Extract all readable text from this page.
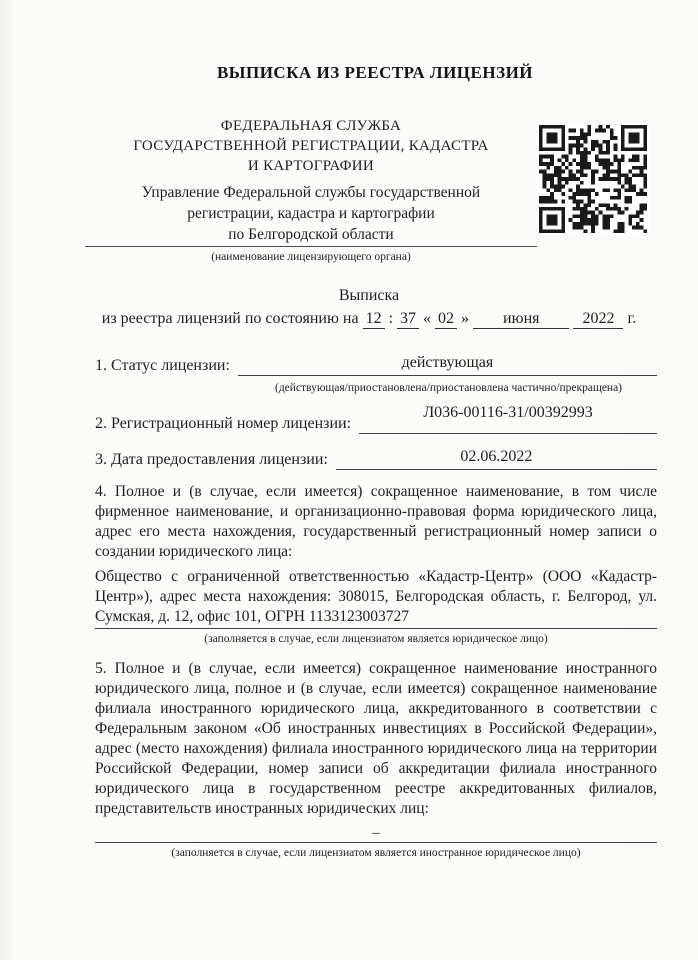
ВЫПИСКА ИЗ РЕЕСТРА ЛИЦЕНЗИЙ
ФЕДЕРАЛЬНАЯ СЛУЖБА
ГОСУДАРСТВЕННОЙ РЕГИСТРАЦИИ, КАДАСТРА
И КАРТОГРАФИИ
Управление Федеральной службы государственной
регистрации, кадастра и картографии
по Белгородской области
(наименование лицензирующего органа)
Выписка
из реестра лицензий по состоянию на 12 : 37 « 02 » июня	2022 г.
1. Статус лицензии:	действующая
(действующая/приостановлена/приостановлена частично/прекращена)
2. Регистрационный номер лицензии:
Л036-00116-31/00392993
3. Дата предоставления лицензии:	02.06.2022
4. Полное и (в случае, если имеется) сокращенное наименование, в том числе фирменное наименование, и организационно-правовая форма юридического лица, адрес его места нахождения, государственный регистрационный номер записи о создании юридического лица:
Общество с ограниченной ответственностью «Кадастр-Центр» (ООО «Кадастр-Центр»), адрес места нахождения: 308015, Белгородская область, г. Белгород, ул. Сумская, д. 12, офис 101, ОГРН 1133123003727
(заполняется в случае, если лицензиатом является юридическое лицо)
5. Полное и (в случае, если имеется) сокращенное наименование иностранного юридического лица, полное и (в случае, если имеется) сокращенное наименование филиала иностранного юридического лица, аккредитованного в соответствии с Федеральным законом «Об иностранных инвестициях в Российской Федерации», адрес (место нахождения) филиала иностранного юридического лица на территории Российской Федерации, номер записи об аккредитации филиала иностранного юридического лица в государственном реестре аккредитованных филиалов, представительств иностранных юридических лиц:
–
(заполняется в случае, если лицензиатом является иностранное юридическое лицо)
